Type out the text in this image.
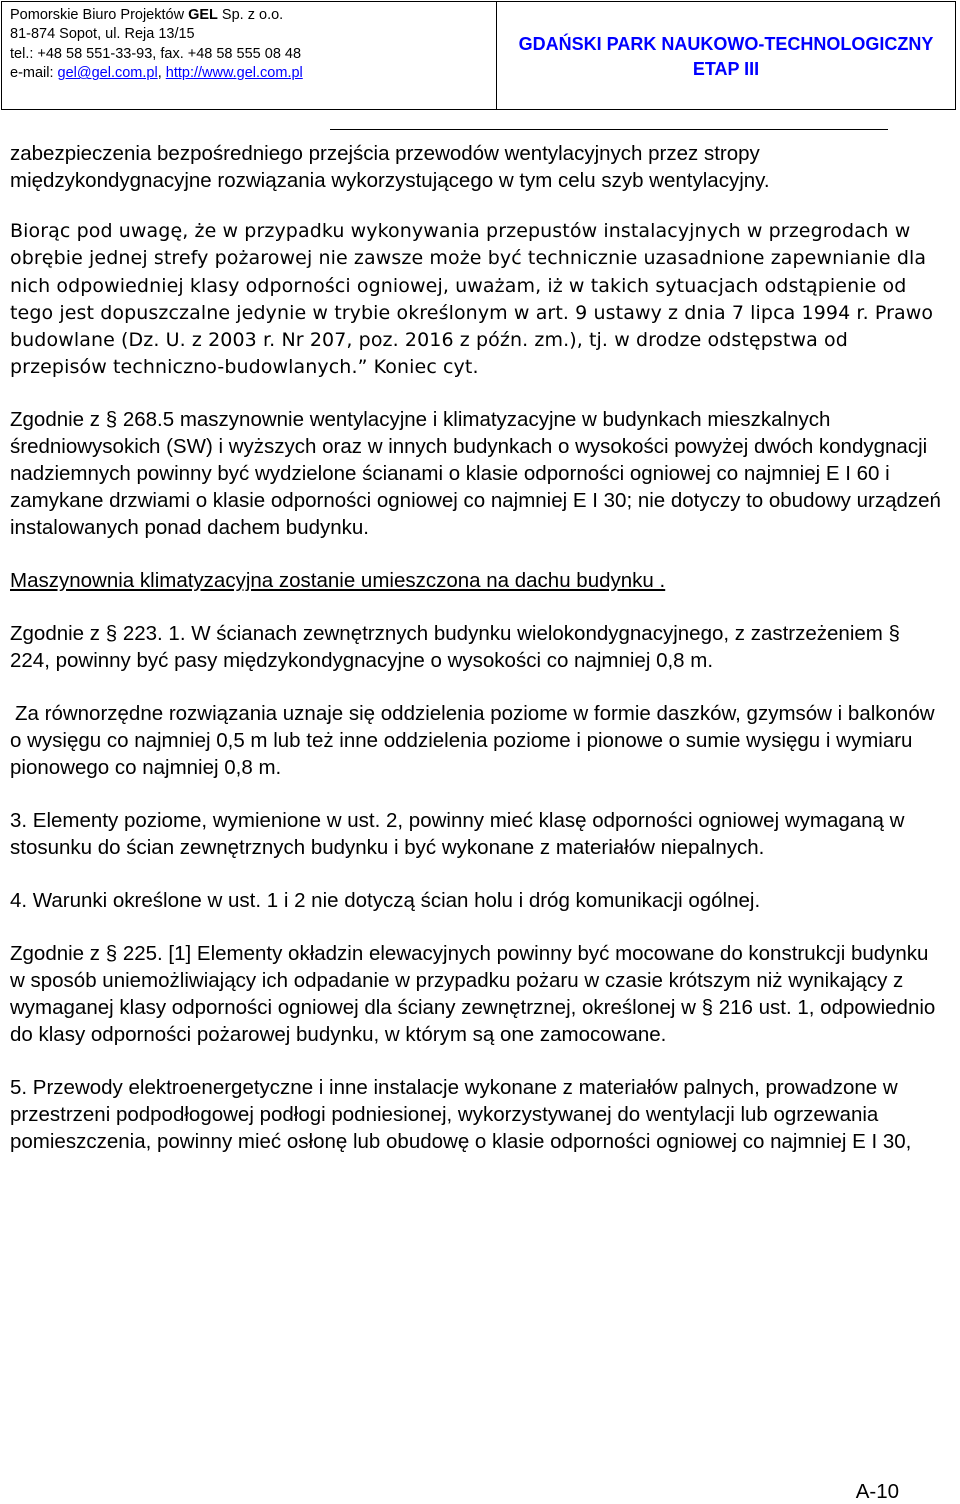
Pomorskie Biuro Projektów GEL Sp. z o.o.
81-874 Sopot, ul. Reja 13/15
tel.: +48 58 551-33-93, fax. +48 58 555 08 48
e-mail: gel@gel.com.pl, http://www.gel.com.pl
GDAŃSKI PARK NAUKOWO-TECHNOLOGICZNY
ETAP III

zabezpieczenia bezpośredniego przejścia przewodów wentylacyjnych przez stropy międzykondygnacyjne rozwiązania wykorzystującego w tym celu szyb wentylacyjny.

Biorąc pod uwagę, że w przypadku wykonywania przepustów instalacyjnych w przegrodach w obrębie jednej strefy pożarowej nie zawsze może być technicznie uzasadnione zapewnianie dla nich odpowiedniej klasy odporności ogniowej, uważam, iż w takich sytuacjach odstąpienie od tego jest dopuszczalne jedynie w trybie określonym w art. 9 ustawy z dnia 7 lipca 1994 r. Prawo budowlane (Dz. U. z 2003 r. Nr 207, poz. 2016 z późn. zm.), tj. w drodze odstępstwa od przepisów techniczno-budowlanych.” Koniec cyt.

Zgodnie z § 268.5 maszynownie wentylacyjne i klimatyzacyjne w budynkach mieszkalnych średniowysokich (SW) i wyższych oraz w innych budynkach o wysokości powyżej dwóch kondygnacji nadziemnych powinny być wydzielone ścianami o klasie odporności ogniowej co najmniej E I 60 i zamykane drzwiami o klasie odporności ogniowej co najmniej E I 30; nie dotyczy to obudowy urządzeń instalowanych ponad dachem budynku.

Maszynownia klimatyzacyjna zostanie umieszczona na dachu budynku .

Zgodnie z § 223. 1. W ścianach zewnętrznych budynku wielokondygnacyjnego, z zastrzeżeniem § 224, powinny być pasy międzykondygnacyjne o wysokości co najmniej 0,8 m.

Za równorzędne rozwiązania uznaje się oddzielenia poziome w formie daszków, gzymsów i balkonów o wysięgu co najmniej 0,5 m lub też inne oddzielenia poziome i pionowe o sumie wysięgu i wymiaru pionowego co najmniej 0,8 m.

3. Elementy poziome, wymienione w ust. 2, powinny mieć klasę odporności ogniowej wymaganą w stosunku do ścian zewnętrznych budynku i być wykonane z materiałów niepalnych.

4. Warunki określone w ust. 1 i 2 nie dotyczą ścian holu i dróg komunikacji ogólnej.

Zgodnie z § 225. [1] Elementy okładzin elewacyjnych powinny być mocowane do konstrukcji budynku w sposób uniemożliwiający ich odpadanie w przypadku pożaru w czasie krótszym niż wynikający z wymaganej klasy odporności ogniowej dla ściany zewnętrznej, określonej w § 216 ust. 1, odpowiednio do klasy odporności pożarowej budynku, w którym są one zamocowane.

5. Przewody elektroenergetyczne i inne instalacje wykonane z materiałów palnych, prowadzone w przestrzeni podpodłogowej podłogi podniesionej, wykorzystywanej do wentylacji lub ogrzewania pomieszczenia, powinny mieć osłonę lub obudowę o klasie odporności ogniowej co najmniej E I 30,

A-10
